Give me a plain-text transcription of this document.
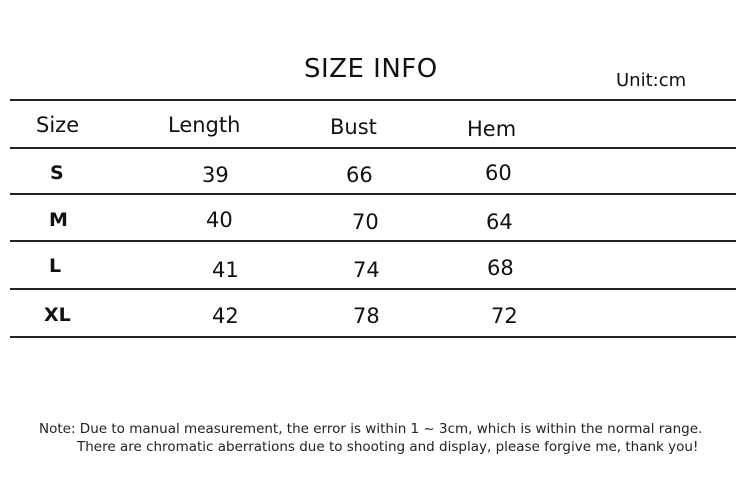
SIZE INFO	Unit:cm
Size	Length	Bust	Hem
S	39	66	60
M	40	70	64
L	41	74	68
XL	42	78	72
Note: Due to manual measurement, the error is within 1 ~ 3cm, which is within the normal range.
There are chromatic aberrations due to shooting and display, please forgive me, thank you!
